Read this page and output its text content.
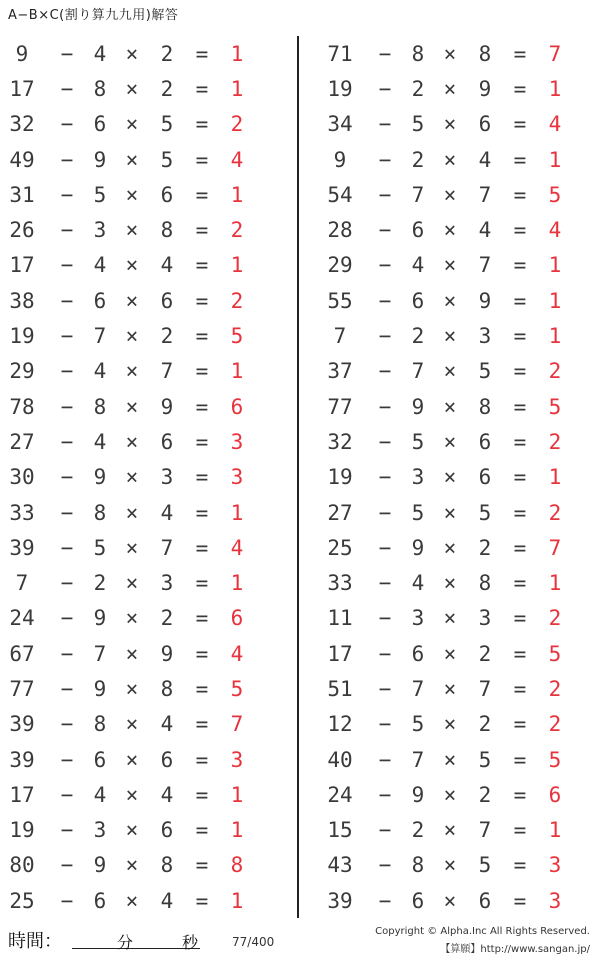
A−B×C(割り算九九用)解答
9	− 4 ×	2	=	1
17	− 8 ×	2	=	1
32	− 6 ×	5	=	2
49	− 9 ×	5	=	4
31	− 5 ×	6	=	1
26	− 3 ×	8	=	2
17	− 4 ×	4	=	1
38	− 6 ×	6	=	2
19	− 7 ×	2	=	5
29	− 4 ×	7	=	1
78	− 8 ×	9	=	6
27	− 4 ×	6	=	3
30	− 9 ×	3	=	3
33	− 8 ×	4	=	1
39	− 5 ×	7	=	4
7	− 2 ×	3	=	1
24	− 9 ×	2	=	6
67	− 7 ×	9	=	4
77	− 9 ×	8	=	5
39	− 8 ×	4	=	7
39	− 6 ×	6	=	3
17	− 4 ×	4	=	1
19	− 3 ×	6	=	1
80	− 9 ×	8	=	8
25	− 6 ×	4	=	1
71	− 8 ×	8	=	7
19	− 2 ×	9	=	1
34	− 5 ×	6	=	4
9	− 2 ×	4	=	1
54	− 7 ×	7	=	5
28	− 6 ×	4	=	4
29	− 4 ×	7	=	1
55	− 6 ×	9	=	1
7	− 2 ×	3	=	1
37	− 7 ×	5	=	2
77	− 9 ×	8	=	5
32	− 5 ×	6	=	2
19	− 3 ×	6	=	1
27	− 5 ×	5	=	2
25	− 9 ×	2	=	7
33	− 4 ×	8	=	1
11	− 3 ×	3	=	2
17	− 6 ×	2	=	5
51	− 7 ×	7	=	2
12	− 5 ×	2	=	2
40	− 7 ×	5	=	5
24	− 9 ×	2	=	6
15	− 2 ×	7	=	1
43	− 8 ×	5	=	3
39	− 6 ×	6	=	3
時間：	分	秒	77/400
Copyright © Alpha.Inc All Rights Reserved.
【算願】http://www.sangan.jp/
